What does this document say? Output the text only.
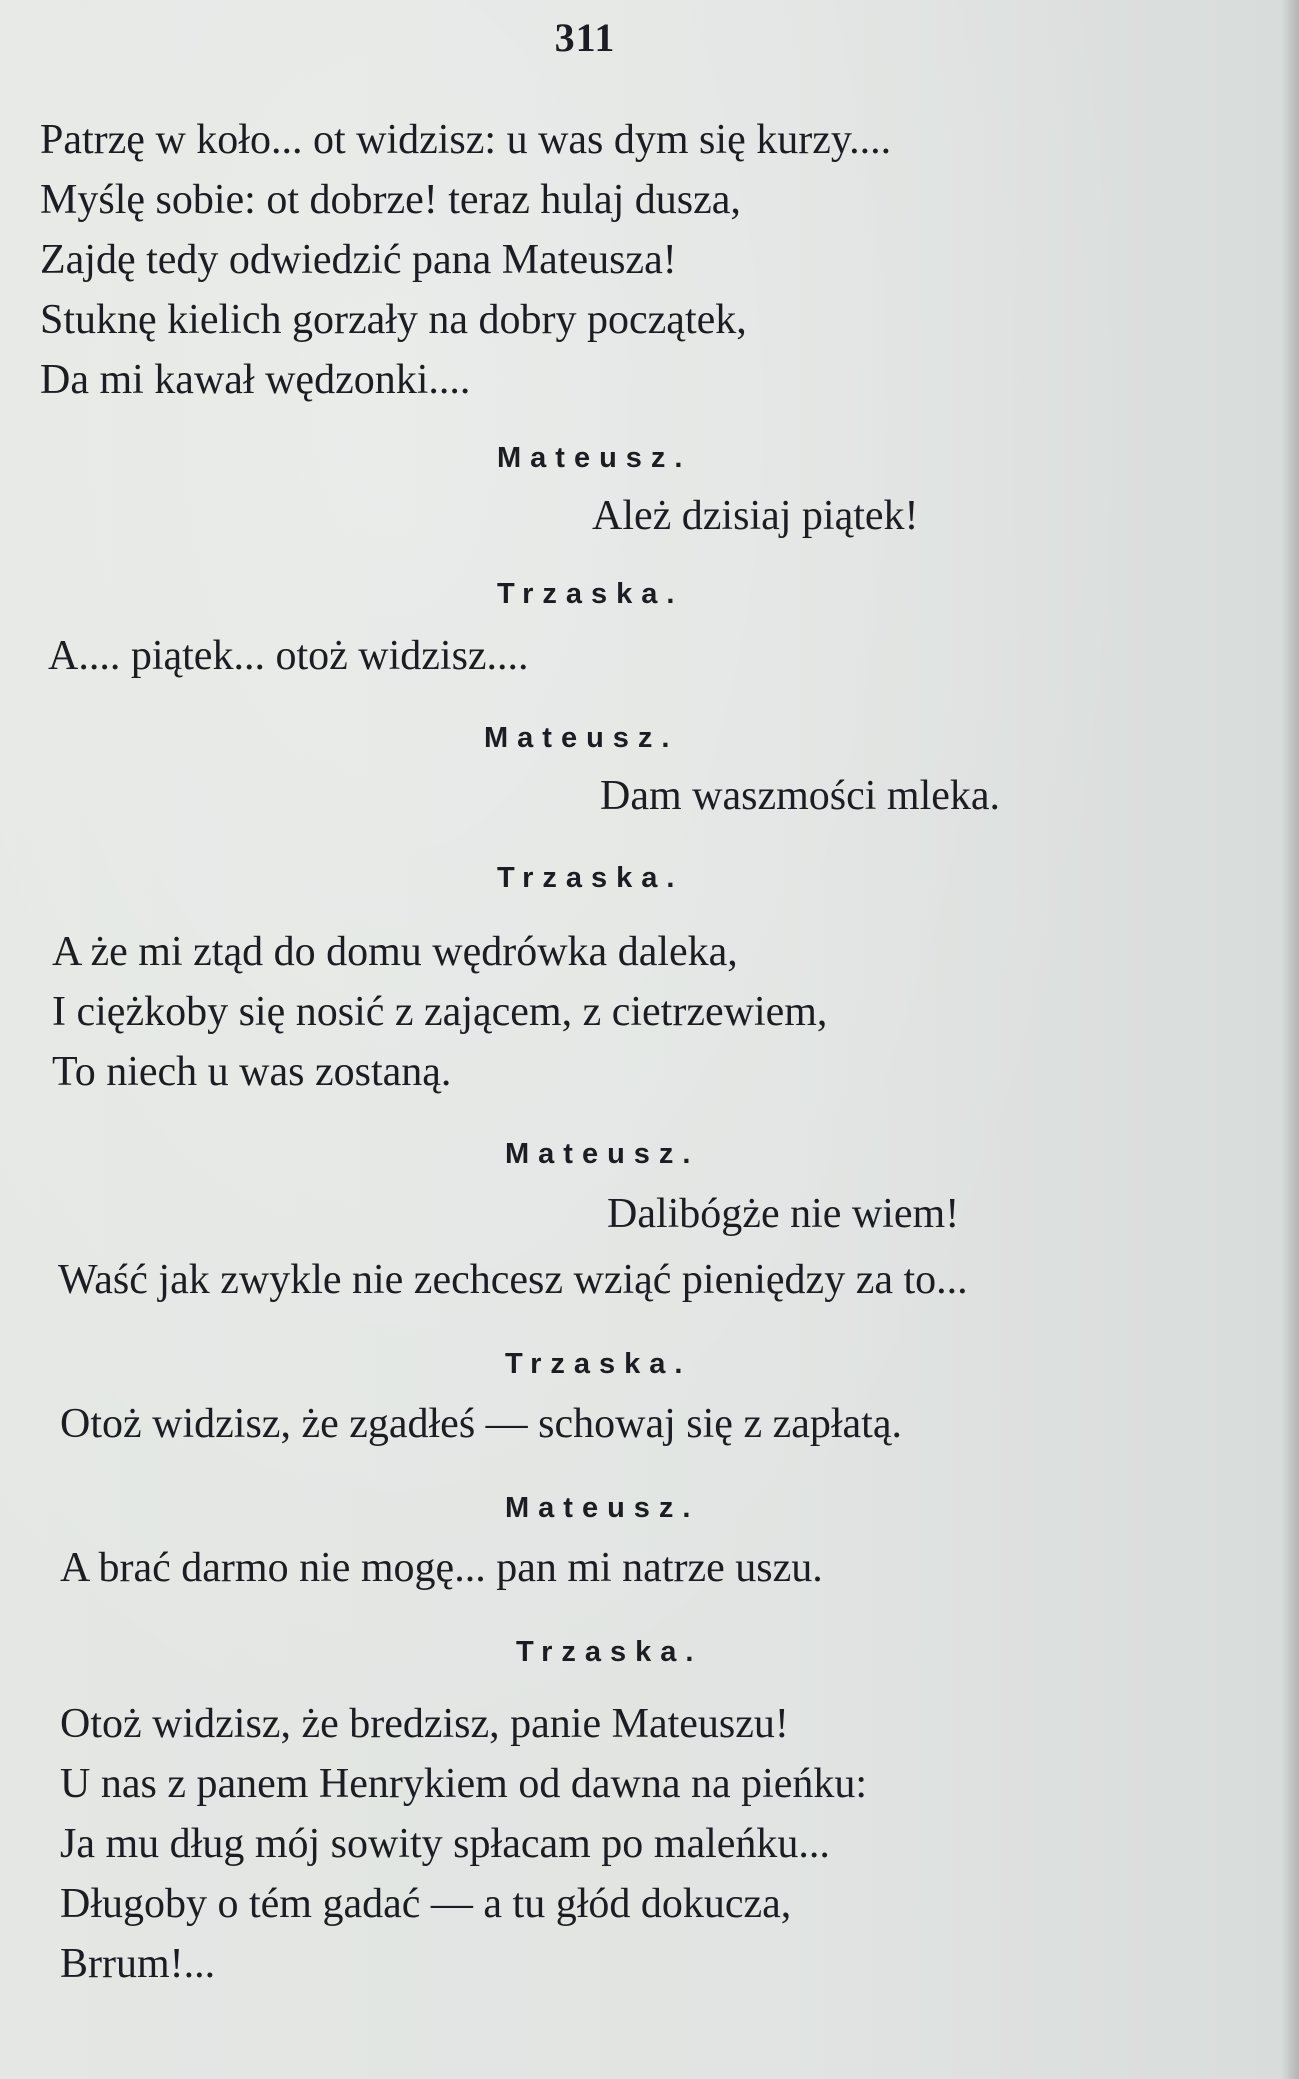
311

Patrzę w koło... ot widzisz: u was dym się kurzy....

Myślę sobie: ot dobrze! teraz hulaj dusza,

Zajdę tedy odwiedzić pana Mateusza!

Stuknę kielich gorzały na dobry początek,

Da mi kawał wędzonki....

Mateusz.
Ależ dzisiaj piątek!
Trzaska.
A.... piątek... otoż widzisz....
Mateusz.
Dam waszmości mleka.
Trzaska.

A że mi ztąd do domu wędrówka daleka,

I ciężkoby się nosić z zającem, z cietrzewiem,

To niech u was zostaną.

Mateusz.
Dalibógże nie wiem!
Waść jak zwykle nie zechcesz wziąć pieniędzy za to...
Trzaska.
Otoż widzisz, że zgadłeś — schowaj się z zapłatą.
Mateusz.
A brać darmo nie mogę... pan mi natrze uszu.
Trzaska.

Otoż widzisz, że bredzisz, panie Mateuszu!

U nas z panem Henrykiem od dawna na pieńku:

Ja mu dług mój sowity spłacam po maleńku...

Długoby o tém gadać — a tu głód dokucza,

Brrum!...
